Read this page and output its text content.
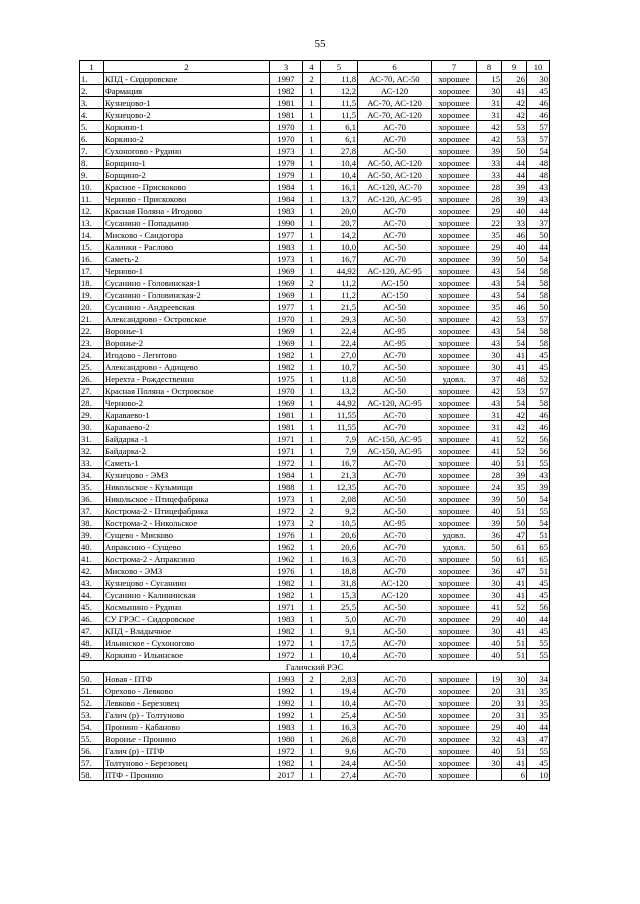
55
1	2	3	4	5	6	7	8	9	10
1.	КПД - Сидоровское	1997	2	11,8	АС-70, АС-50	хорошее	15	26	30
2.	Фармация	1982	1	12,2	АС-120	хорошее	30	41	45
3.	Кузнецово-1	1981	1	11,5	АС-70, АС-120	хорошее	31	42	46
4.	Кузнецово-2	1981	1	11,5	АС-70, АС-120	хорошее	31	42	46
5.	Коркино-1	1970	1	6,1	АС-70	хорошее	42	53	57
6.	Коркино-2	1970	1	6,1	АС-70	хорошее	42	53	57
7.	Сухоногово - Рудино	1973	1	27,8	АС-50	хорошее	39	50	54
8.	Борщино-1	1979	1	10,4	АС-50, АС-120	хорошее	33	44	48
9.	Борщино-2	1979	1	10,4	АС-50, АС-120	хорошее	33	44	48
10.	Красное - Прискоково	1984	1	16,1	АС-120, АС-70	хорошее	28	39	43
11.	Черново - Прискоково	1984	1	13,7	АС-120, АС-95	хорошее	28	39	43
12.	Красная Поляна - Игодово	1983	1	20,0	АС-70	хорошее	29	40	44
13.	Сусанино - Попадьино	1990	1	20,7	АС-70	хорошее	22	33	37
14.	Мисково - Сандогора	1977	1	14,2	АС-70	хорошее	35	46	50
15.	Калинки - Раслово	1983	1	10,0	АС-50	хорошее	29	40	44
16.	Саметь-2	1973	1	16,7	АС-70	хорошее	39	50	54
17.	Черново-1	1969	1	44,92	АС-120, АС-95	хорошее	43	54	58
18.	Сусанино - Головинская-1	1969	2	11,2	АС-150	хорошее	43	54	58
19.	Сусанино - Головинская-2	1969	1	11,2	АС-150	хорошее	43	54	58
20.	Сусанино - Андреевская	1977	1	21,5	АС-50	хорошее	35	46	50
21.	Александрово - Островское	1970	1	29,3	АС-50	хорошее	42	53	57
22.	Воронье-1	1969	1	22,4	АС-95	хорошее	43	54	58
23.	Воронье-2	1969	1	22,4	АС-95	хорошее	43	54	58
24.	Игодово - Легитово	1982	1	27,0	АС-70	хорошее	30	41	45
25.	Александрово - Адищево	1982	1	10,7	АС-50	хорошее	30	41	45
26.	Нерехта - Рождественно	1975	1	11,8	АС-50	удовл.	37	48	52
27.	Красная Поляна - Островское	1970	1	13,2	АС-50	хорошее	42	53	57
28.	Черново-2	1969	1	44,92	АС-120, АС-95	хорошее	43	54	58
29.	Караваево-1	1981	1	11,55	АС-70	хорошее	31	42	46
30.	Караваево-2	1981	1	11,55	АС-70	хорошее	31	42	46
31.	Байдарка -1	1971	1	7,9	АС-150, АС-95	хорошее	41	52	56
32.	Байдарка-2	1971	1	7,9	АС-150, АС-95	хорошее	41	52	56
33.	Саметь-1	1972	1	16,7	АС-70	хорошее	40	51	55
34.	Кузнецово - ЭМЗ	1984	1	21,3	АС-70	хорошее	28	39	43
35.	Никольское - Кузьмищи	1988	1	12,35	АС-70	хорошее	24	35	39
36.	Никольское - Птицефабрика	1973	1	2,08	АС-50	хорошее	39	50	54
37.	Кострома-2 - Птицефабрика	1972	2	9,2	АС-50	хорошее	40	51	55
38.	Кострома-2 - Никольское	1973	2	10,5	АС-95	хорошее	39	50	54
39.	Сущево - Мисково	1976	1	20,6	АС-70	удовл.	36	47	51
40.	Апраксино - Сущево	1962	1	20,6	АС-70	удовл.	50	61	65
41.	Кострома-2 - Апраксино	1962	1	16,3	АС-70	хорошее	50	61	65
42.	Мисково - ЭМЗ	1976	1	18,8	АС-70	хорошее	36	47	51
43.	Кузнецово - Сусанино	1982	1	31,8	АС-120	хорошее	30	41	45
44.	Сусанино - Калининская	1982	1	15,3	АС-120	хорошее	30	41	45
45.	Космынино - Рудино	1971	1	25,5	АС-50	хорошее	41	52	56
46.	СУ ГРЭС - Сидоровское	1983	1	5,0	АС-70	хорошее	29	40	44
47.	КПД - Владычное	1982	1	9,1	АС-50	хорошее	30	41	45
48.	Ильинское - Сухоногово	1972	1	17,5	АС-70	хорошее	40	51	55
49.	Коркино - Ильинское	1972	1	10,4	АС-70	хорошее	40	51	55
Галичский РЭС									
50.	Новая - ПТФ	1993	2	2,83	АС-70	хорошее	19	30	34
51.	Орехово - Левково	1992	1	19,4	АС-70	хорошее	20	31	35
52.	Левково - Березовец	1992	1	10,4	АС-70	хорошее	20	31	35
53.	Галич (р) - Толтуново	1992	1	25,4	АС-50	хорошее	20	31	35
54.	Пронино - Кабаново	1983	1	16,3	АС-70	хорошее	29	40	44
55.	Воронье - Пронино	1980	1	26,8	АС-70	хорошее	32	43	47
56.	Галич (р) - ПТФ	1972	1	9,6	АС-70	хорошее	40	51	55
57.	Толтуново - Березовец	1982	1	24,4	АС-50	хорошее	30	41	45
58.	ПТФ - Пронино	2017	1	27,4	АС-70	хорошее		6	10
